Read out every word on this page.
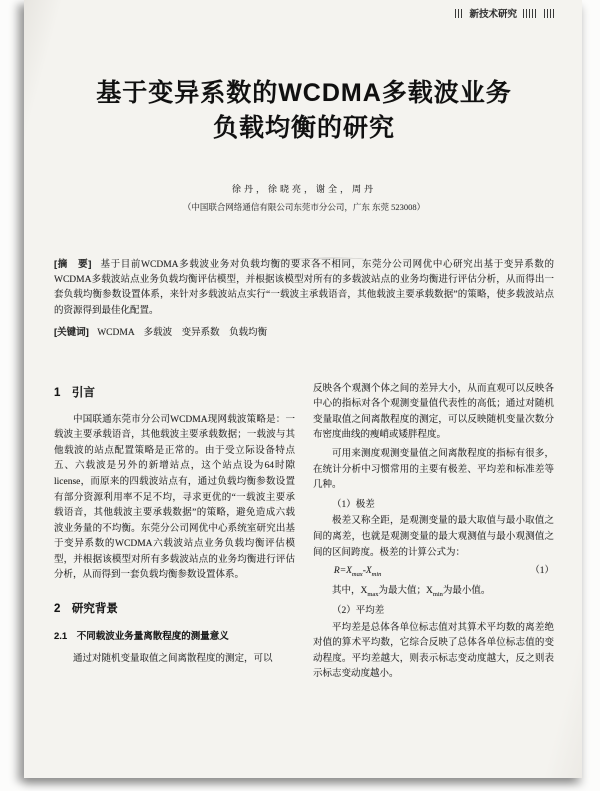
新技术研究
基于变异系数的WCDMA多载波业务
负载均衡的研究
徐丹，徐晓亮，谢全，周丹
（中国联合网络通信有限公司东莞市分公司，广东 东莞 523008）

[摘　要] 基于目前WCDMA多载波业务对负载均衡的要求各不相同，东莞分公司网优中心研究出基于变异系数的WCDMA多载波站点业务负载均衡评估模型，并根据该模型对所有的多载波站点的业务均衡进行评估分析，从而得出一套负载均衡参数设置体系，来针对多载波站点实行“一载波主承载语音，其他载波主要承载数据”的策略，使多载波站点的资源得到最佳化配置。

[关键词] WCDMA　多载波　变异系数　负载均衡

1　引言

中国联通东莞市分公司WCDMA现网载波策略是：一载波主要承载语音，其他载波主要承载数据；一载波与其他载波的站点配置策略是正常的。由于受立际设备特点五、六载波是另外的新增站点，这个站点设为64时隙license，而原来的四载波站点有，通过负载均衡参数设置有部分资源利用率不足不均，寻求更优的“一载波主要承载语音，其他载波主要承载数据”的策略，避免造成六载波业务量的不均衡。东莞分公司网优中心系统室研究出基于变异系数的WCDMA六载波站点业务负载均衡评估模型，并根据该模型对所有多载波站点的业务均衡进行评估分析，从而得到一套负载均衡参数设置体系。

2　研究背景
2.1　不同载波业务量离散程度的测量意义

通过对随机变量取值之间离散程度的测定，可以

反映各个观测个体之间的差异大小，从而直观可以反映各中心的指标对各个观测变量值代表性的高低；通过对随机变量取值之间离散程度的测定，可以反映随机变量次数分布密度曲线的瘦峭或矮胖程度。

可用来测度观测变量值之间离散程度的指标有很多，在统计分析中习惯常用的主要有极差、平均差和标准差等几种。

（1）极差

极差又称全距，是观测变量的最大取值与最小取值之间的离差，也就是观测变量的最大观测值与最小观测值之间的区间跨度。极差的计算公式为：

$R=X_{max}-X_{min}$	（1）

其中，$X_{max}$为最大值；$X_{min}$为最小值。

（2）平均差

平均差是总体各单位标志值对其算术平均数的离差绝对值的算术平均数，它综合反映了总体各单位标志值的变动程度。平均差越大，则表示标志变动度越大，反之则表示标志变动度越小。
